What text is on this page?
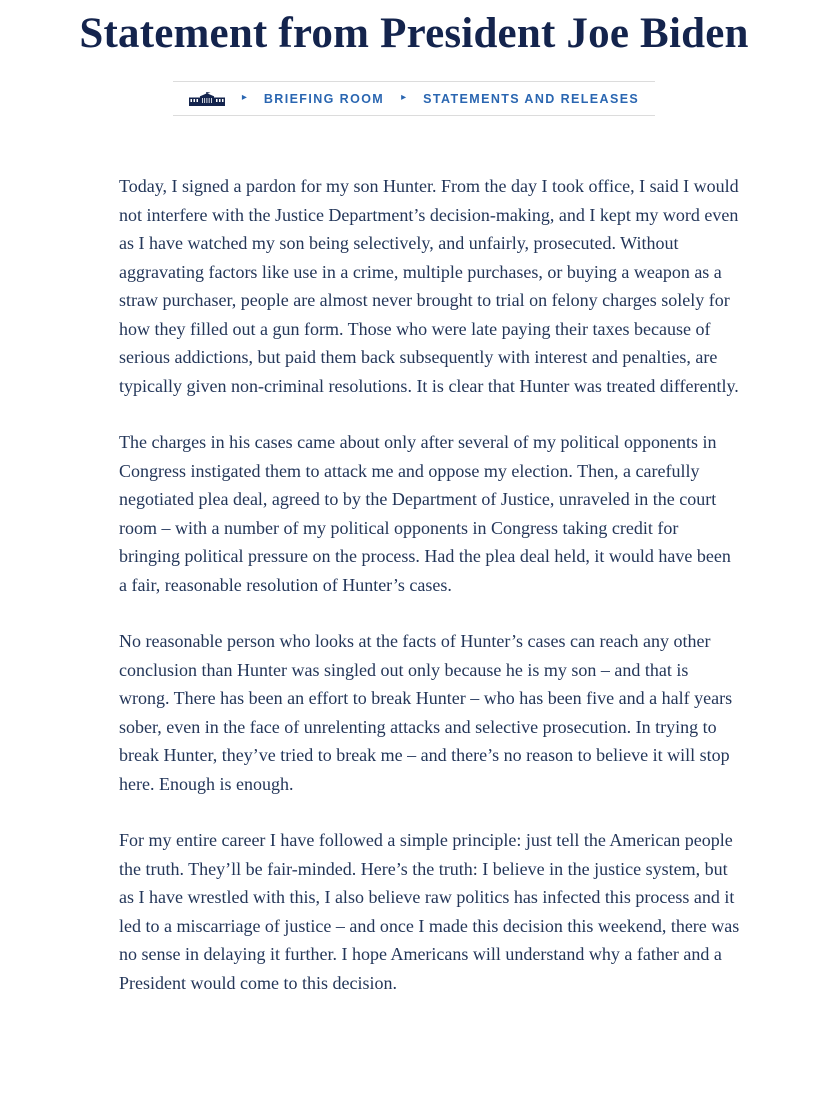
Statement from President Joe Biden
▸ BRIEFING ROOM ▸ STATEMENTS AND RELEASES

Today, I signed a pardon for my son Hunter. From the day I took office, I said I would not interfere with the Justice Department’s decision-making, and I kept my word even as I have watched my son being selectively, and unfairly, prosecuted. Without aggravating factors like use in a crime, multiple purchases, or buying a weapon as a straw purchaser, people are almost never brought to trial on felony charges solely for how they filled out a gun form. Those who were late paying their taxes because of serious addictions, but paid them back subsequently with interest and penalties, are typically given non-criminal resolutions. It is clear that Hunter was treated differently.

The charges in his cases came about only after several of my political opponents in Congress instigated them to attack me and oppose my election. Then, a carefully negotiated plea deal, agreed to by the Department of Justice, unraveled in the court room – with a number of my political opponents in Congress taking credit for bringing political pressure on the process. Had the plea deal held, it would have been a fair, reasonable resolution of Hunter’s cases.

No reasonable person who looks at the facts of Hunter’s cases can reach any other conclusion than Hunter was singled out only because he is my son – and that is wrong. There has been an effort to break Hunter – who has been five and a half years sober, even in the face of unrelenting attacks and selective prosecution. In trying to break Hunter, they’ve tried to break me – and there’s no reason to believe it will stop here. Enough is enough.

For my entire career I have followed a simple principle: just tell the American people the truth. They’ll be fair-minded. Here’s the truth: I believe in the justice system, but as I have wrestled with this, I also believe raw politics has infected this process and it led to a miscarriage of justice – and once I made this decision this weekend, there was no sense in delaying it further. I hope Americans will understand why a father and a President would come to this decision.
